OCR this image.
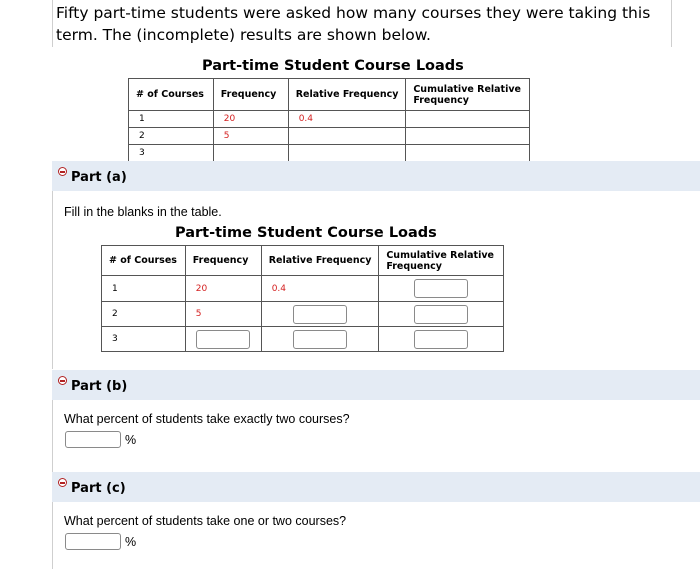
Fifty part-time students were asked how many courses they were taking this

term. The (incomplete) results are shown below.

Part-time Student Course Loads
# of Courses	Frequency	Relative Frequency	Cumulative Relative Frequency
1	20	0.4	
2	5		
3			
Part (a)
Fill in the blanks in the table.
Part-time Student Course Loads
# of Courses	Frequency	Relative Frequency	Cumulative Relative Frequency
1	20	0.4	
2	5		
3			
Part (b)
What percent of students take exactly two courses?
%
Part (c)
What percent of students take one or two courses?
%
